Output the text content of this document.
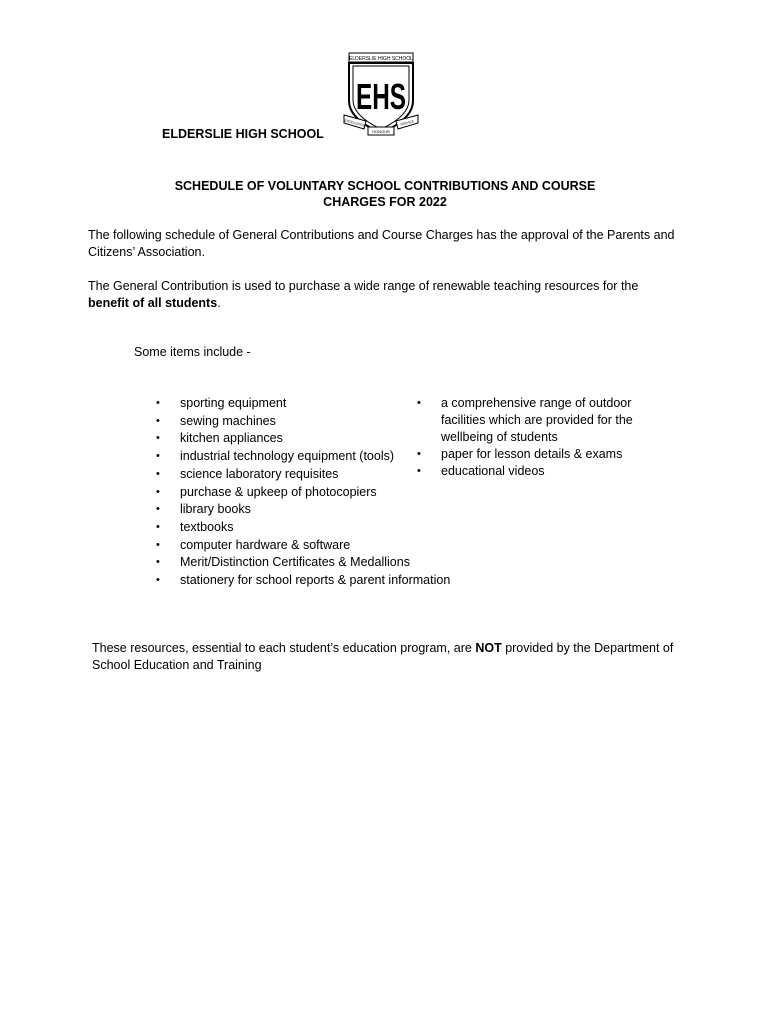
ELDERSLIE HIGH SCHOOL
EHS
EXCELLENCE	SERVICE
HONOUR

ELDERSLIE HIGH SCHOOL

SCHEDULE OF VOLUNTARY SCHOOL CONTRIBUTIONS AND COURSE
CHARGES FOR 2022

The following schedule of General Contributions and Course Charges has the approval of the Parents and Citizens’ Association.

The General Contribution is used to purchase a wide range of renewable teaching resources for the benefit of all students.

Some items include -

• sporting equipment
• sewing machines
• kitchen appliances
• industrial technology equipment (tools)
• science laboratory requisites
• purchase & upkeep of photocopiers
• library books
• textbooks
• computer hardware & software
• Merit/Distinction Certificates & Medallions
• stationery for school reports & parent information
• a comprehensive range of outdoor facilities which are provided for the wellbeing of students
• paper for lesson details & exams
• educational videos

These resources, essential to each student’s education program, are NOT provided by the Department of School Education and Training
